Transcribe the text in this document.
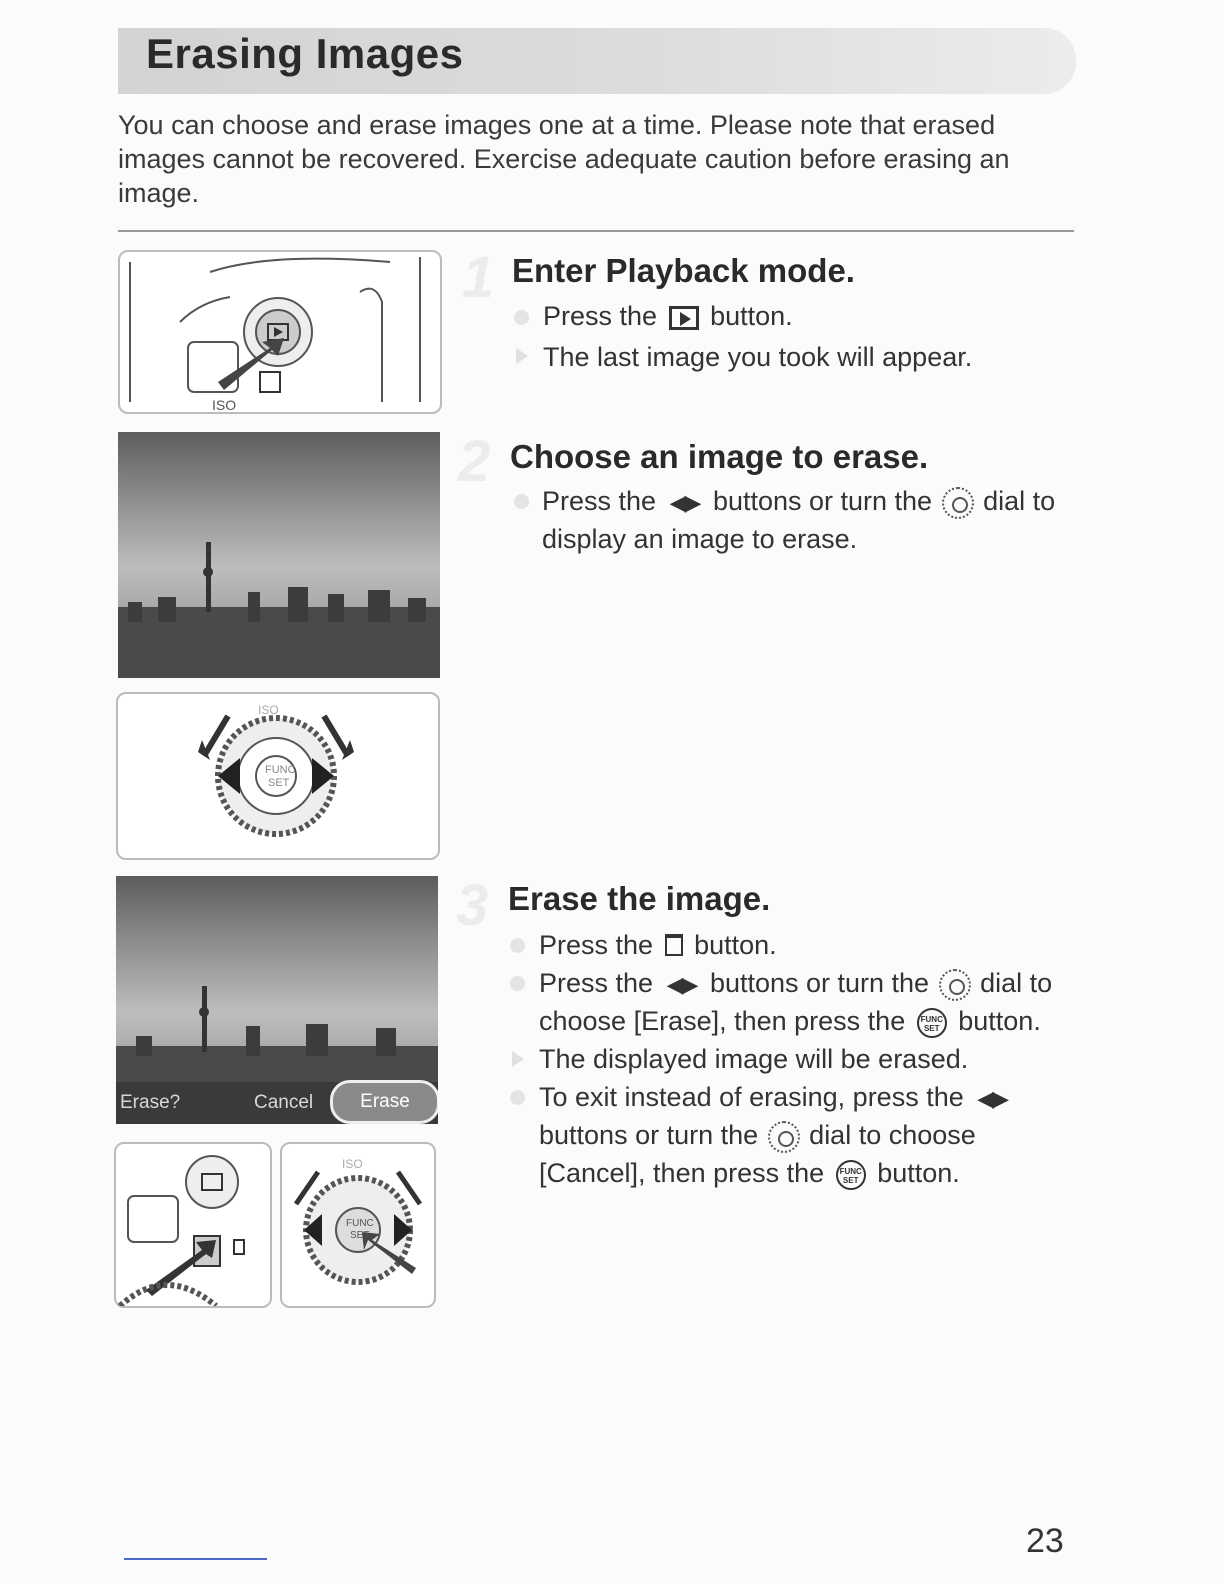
Erasing Images
You can choose and erase images one at a time. Please note that erased images cannot be recovered. Exercise adequate caution before erasing an image.
ISO
FUNC
SET
ISO
Erase?	Cancel	Erase
FUNC
SET
ISO
1 Enter Playback mode.
Press the button.
The last image you took will appear.
2 Choose an image to erase.
Press the ◀▶ buttons or turn the dial to
display an image to erase.
3 Erase the image.
Press the button.
Press the ◀▶ buttons or turn the dial to
choose [Erase], then press the FUNC
SET button.
The displayed image will be erased.
To exit instead of erasing, press the ◀▶
buttons or turn the dial to choose
[Cancel], then press the FUNC
SET button.
23
